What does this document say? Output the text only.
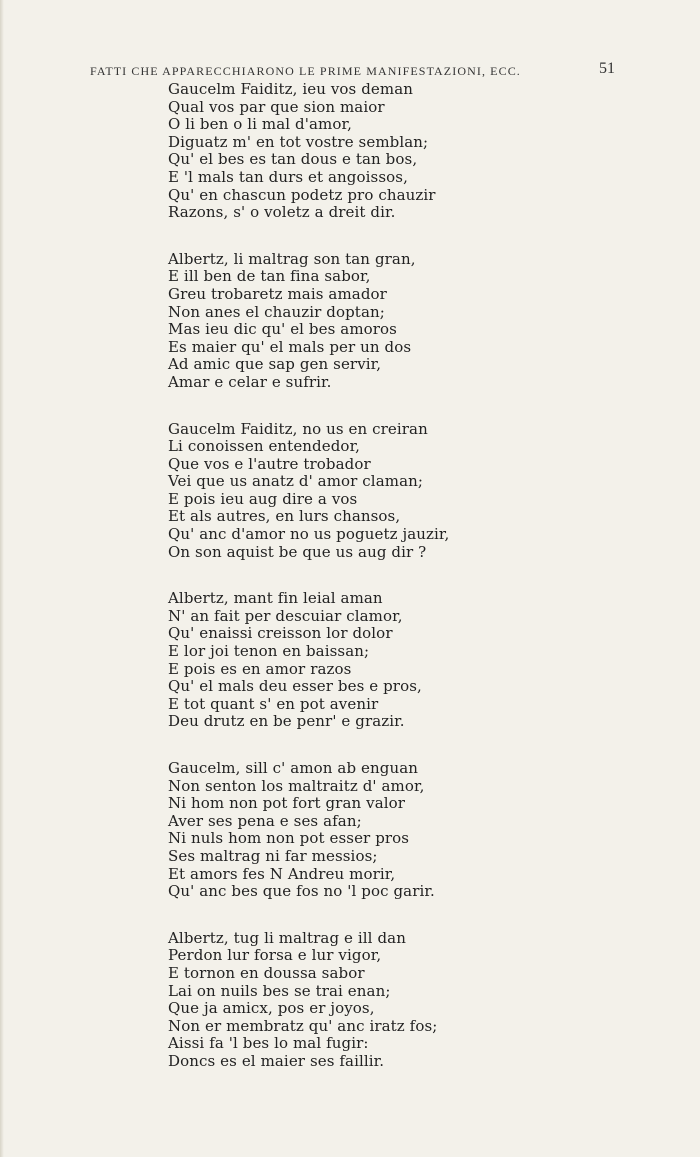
FATTI CHE APPARECCHIARONO LE PRIME MANIFESTAZIONI, ECC.	51
Gaucelm Faiditz, ieu vos deman
Qual vos par que sion maior
O li ben o li mal d'amor,
Diguatz m' en tot vostre semblan;
Qu' el bes es tan dous e tan bos,
E 'l mals tan durs et angoissos,
Qu' en chascun podetz pro chauzir
Razons, s' o voletz a dreit dir.
Albertz, li maltrag son tan gran,
E ill ben de tan fina sabor,
Greu trobaretz mais amador
Non anes el chauzir doptan;
Mas ieu dic qu' el bes amoros
Es maier qu' el mals per un dos
Ad amic que sap gen servir,
Amar e celar e sufrir.
Gaucelm Faiditz, no us en creiran
Li conoissen entendedor,
Que vos e l'autre trobador
Vei que us anatz d' amor claman;
E pois ieu aug dire a vos
Et als autres, en lurs chansos,
Qu' anc d'amor no us poguetz jauzir,
On son aquist be que us aug dir ?
Albertz, mant fin leial aman
N' an fait per descuiar clamor,
Qu' enaissi creisson lor dolor
E lor joi tenon en baissan;
E pois es en amor razos
Qu' el mals deu esser bes e pros,
E tot quant s' en pot avenir
Deu drutz en be penr' e grazir.
Gaucelm, sill c' amon ab enguan
Non senton los maltraitz d' amor,
Ni hom non pot fort gran valor
Aver ses pena e ses afan;
Ni nuls hom non pot esser pros
Ses maltrag ni far messios;
Et amors fes N Andreu morir,
Qu' anc bes que fos no 'l poc garir.
Albertz, tug li maltrag e ill dan
Perdon lur forsa e lur vigor,
E tornon en doussa sabor
Lai on nuils bes se trai enan;
Que ja amicx, pos er joyos,
Non er membratz qu' anc iratz fos;
Aissi fa 'l bes lo mal fugir:
Doncs es el maier ses faillir.
